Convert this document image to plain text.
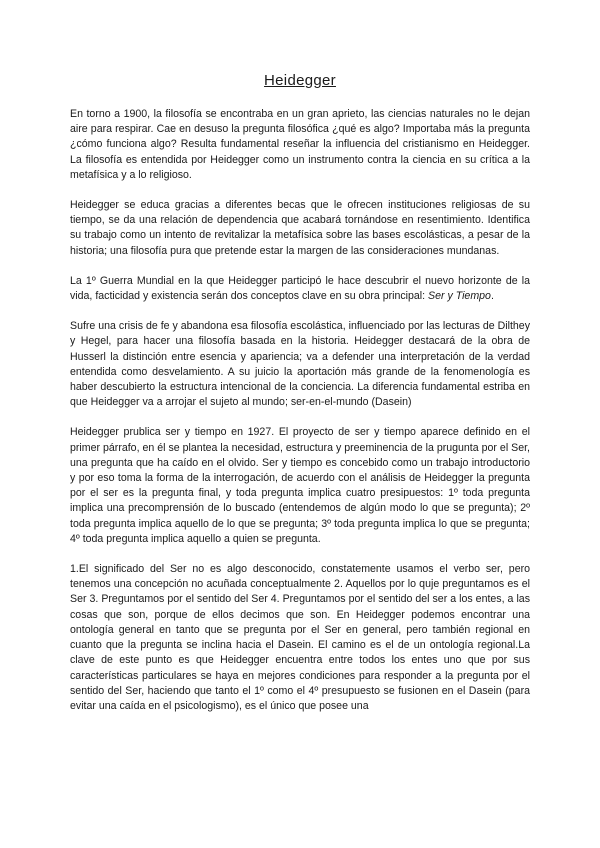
Heidegger

En torno a 1900, la filosofía se encontraba en un gran aprieto, las ciencias naturales no le dejan aire para respirar. Cae en desuso la pregunta filosófica ¿qué es algo? Importaba más la pregunta ¿cómo funciona algo? Resulta fundamental reseñar la influencia del cristianismo en Heidegger. La filosofía es entendida por Heidegger como un instrumento contra la ciencia en su crítica a la metafísica y a lo religioso.

Heidegger se educa gracias a diferentes becas que le ofrecen instituciones religiosas de su tiempo, se da una relación de dependencia que acabará tornándose en resentimiento. Identifica su trabajo como un intento de revitalizar la metafísica sobre las bases escolásticas, a pesar de la historia; una filosofía pura que pretende estar la margen de las consideraciones mundanas.

La 1º Guerra Mundial en la que Heidegger participó le hace descubrir el nuevo horizonte de la vida, facticidad y existencia serán dos conceptos clave en su obra principal: Ser y Tiempo.

Sufre una crisis de fe y abandona esa filosofía escolástica, influenciado por las lecturas de Dilthey y Hegel, para hacer una filosofía basada en la historia. Heidegger destacará de la obra de Husserl la distinción entre esencia y apariencia; va a defender una interpretación de la verdad entendida como desvelamiento. A su juicio la aportación más grande de la fenomenología es haber descubierto la estructura intencional de la conciencia. La diferencia fundamental estriba en que Heidegger va a arrojar el sujeto al mundo; ser-en-el-mundo (Dasein)

Heidegger prublica ser y tiempo en 1927. El proyecto de ser y tiempo aparece definido en el primer párrafo, en él se plantea la necesidad, estructura y preeminencia de la prugunta por el Ser, una pregunta que ha caído en el olvido. Ser y tiempo es concebido como un trabajo introductorio y por eso toma la forma de la interrogación, de acuerdo con el análisis de Heidegger la pregunta por el ser es la pregunta final, y toda pregunta implica cuatro presipuestos: 1º toda pregunta implica una precomprensión de lo buscado (entendemos de algún modo lo que se pregunta); 2º toda pregunta implica aquello de lo que se pregunta; 3º toda pregunta implica lo que se pregunta; 4º toda pregunta implica aquello a quien se pregunta.

1.El significado del Ser no es algo desconocido, constatemente usamos el verbo ser, pero tenemos una concepción no acuñada conceptualmente 2. Aquellos por lo quje preguntamos es el Ser 3. Preguntamos por el sentido del Ser 4. Preguntamos por el sentido del ser a los entes, a las cosas que son, porque de ellos decimos que son. En Heidegger podemos encontrar una ontología general en tanto que se pregunta por el Ser en general, pero también regional en cuanto que la pregunta se inclina hacia el Dasein. El camino es el de un ontología regional.La clave de este punto es que Heidegger encuentra entre todos los entes uno que por sus características particulares se haya en mejores condiciones para responder a la pregunta por el sentido del Ser, haciendo que tanto el 1º como el 4º presupuesto se fusionen en el Dasein (para evitar una caída en el psicologismo), es el único que posee una
